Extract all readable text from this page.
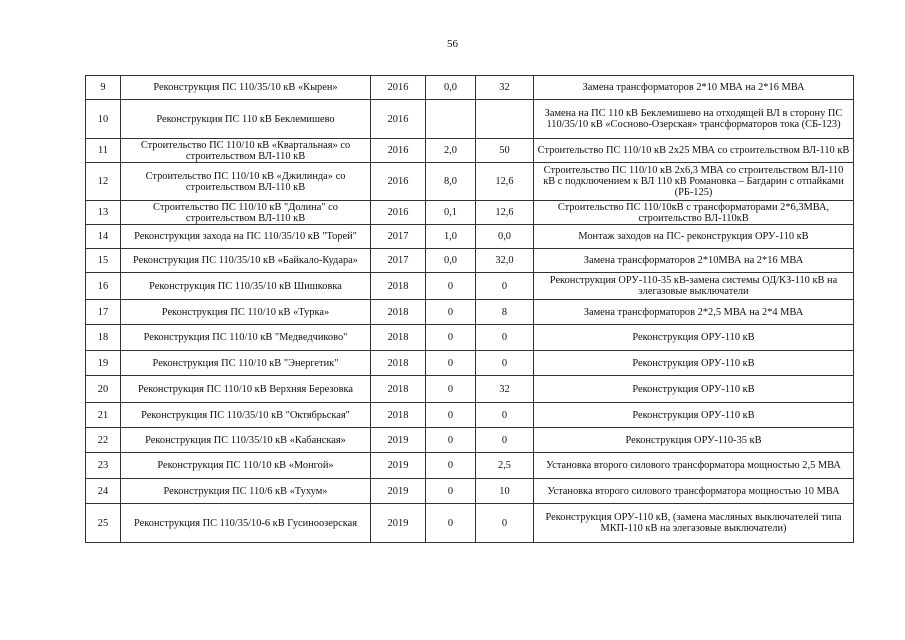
56
9	Реконструкция ПС 110/35/10 кВ «Кырен»	2016	0,0	32	Замена трансформаторов 2*10 МВА на 2*16 МВА
10	Реконструкция ПС 110 кВ Беклемишево	2016			Замена на ПС 110 кВ Беклемишево на отходящей ВЛ в сторону ПС 110/35/10 кВ «Сосново-Озерская» трансформаторов тока (СБ-123)
11	Строительство ПС 110/10 кВ «Квартальная» со строительством ВЛ-110 кВ	2016	2,0	50	Строительство ПС 110/10 кВ 2х25 МВА со строительством ВЛ-110 кВ
12	Строительство ПС 110/10 кВ «Джилинда» со строительством ВЛ-110 кВ	2016	8,0	12,6	Строительство ПС 110/10 кВ 2х6,3 МВА со строительством ВЛ-110 кВ с подключением к ВЛ 110 кВ Романовка – Багдарин с отпайками (РБ-125)
13	Строительство ПС 110/10 кВ "Долина" со строительством ВЛ-110 кВ	2016	0,1	12,6	Строительство ПС 110/10кВ с трансформаторами 2*6,3МВА, строительство ВЛ-110кВ
14	Реконструкция захода на ПС 110/35/10 кВ "Торей"	2017	1,0	0,0	Монтаж заходов на ПС- реконструкция ОРУ-110 кВ
15	Реконструкция ПС 110/35/10 кВ «Байкало-Кудара»	2017	0,0	32,0	Замена трансформаторов 2*10МВА на 2*16 МВА
16	Реконструкция ПС 110/35/10 кВ Шишковка	2018	0	0	Реконструкция ОРУ-110-35 кВ-замена системы ОД/КЗ-110 кВ на элегазовые выключатели
17	Реконструкция ПС 110/10 кВ «Турка»	2018	0	8	Замена трансформаторов 2*2,5 МВА на 2*4 МВА
18	Реконструкция ПС 110/10 кВ "Медведчиково"	2018	0	0	Реконструкция ОРУ-110 кВ
19	Реконструкция ПС 110/10 кВ "Энергетик"	2018	0	0	Реконструкция ОРУ-110 кВ
20	Реконструкция ПС 110/10 кВ Верхняя Березовка	2018	0	32	Реконструкция ОРУ-110 кВ
21	Реконструкция ПС 110/35/10 кВ "Октябрьская"	2018	0	0	Реконструкция ОРУ-110 кВ
22	Реконструкция ПС 110/35/10 кВ «Кабанская»	2019	0	0	Реконструкция ОРУ-110-35 кВ
23	Реконструкция ПС 110/10 кВ «Монгой»	2019	0	2,5	Установка второго силового трансформатора мощностью 2,5 МВА
24	Реконструкция ПС 110/6 кВ «Тухум»	2019	0	10	Установка второго силового трансформатора мощностью 10 МВА
25	Реконструкция ПС 110/35/10-6 кВ Гусиноозерская	2019	0	0	Реконструкция ОРУ-110 кВ, (замена масляных выключателей типа МКП-110 кВ на элегазовые выключатели)
